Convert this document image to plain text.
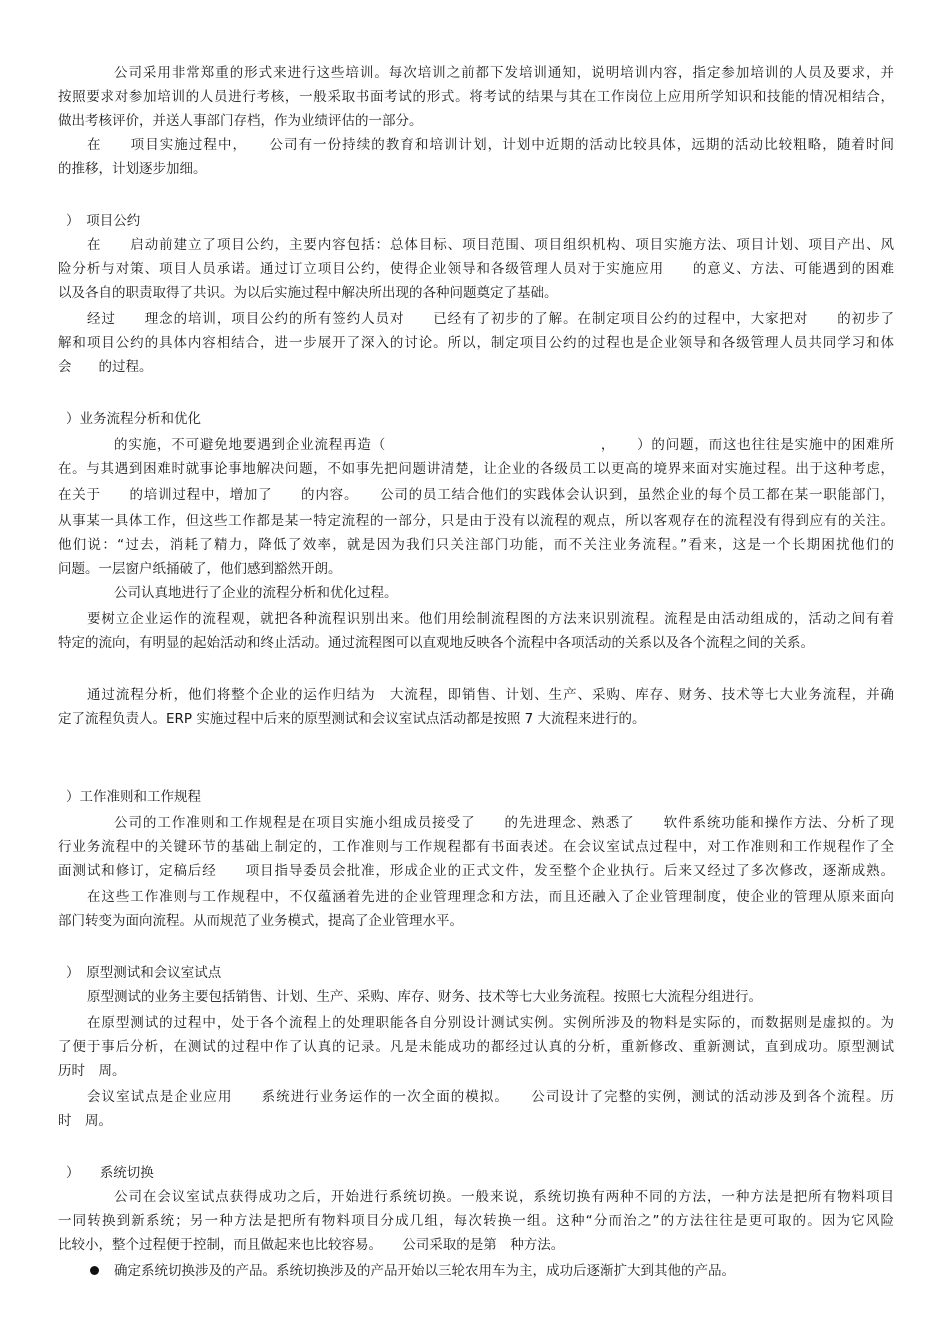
公司采用非常郑重的形式来进行这些培训。每次培训之前都下发培训通知，说明培训内容，指定参加培训的人员及要求，并
按照要求对参加培训的人员进行考核，一般采取书面考试的形式。将考试的结果与其在工作岗位上应用所学知识和技能的情况相结合，
做出考核评价，并送人事部门存档，作为业绩评估的一部分。
在　　项目实施过程中，　　公司有一份持续的教育和培训计划，计划中近期的活动比较具体，远期的活动比较粗略，随着时间
的推移，计划逐步加细。
）　项目公约
在　　启动前建立了项目公约，主要内容包括：总体目标、项目范围、项目组织机构、项目实施方法、项目计划、项目产出、风
险分析与对策、项目人员承诺。通过订立项目公约，使得企业领导和各级管理人员对于实施应用　　的意义、方法、可能遇到的困难
以及各自的职责取得了共识。为以后实施过程中解决所出现的各种问题奠定了基础。
经过　　理念的培训，项目公约的所有签约人员对　　已经有了初步的了解。在制定项目公约的过程中，大家把对　　的初步了
解和项目公约的具体内容相结合，进一步展开了深入的讨论。所以，制定项目公约的过程也是企业领导和各级管理人员共同学习和体
会　　的过程。
）业务流程分析和优化
的实施，不可避免地要遇到企业流程再造（　　　　　　　　　　　　　　　，　　）的问题，而这也往往是实施中的困难所
在。与其遇到困难时就事论事地解决问题，不如事先把问题讲清楚，让企业的各级员工以更高的境界来面对实施过程。出于这种考虑，
在关于　　的培训过程中，增加了　　的内容。　　公司的员工结合他们的实践体会认识到，虽然企业的每个员工都在某一职能部门，
从事某一具体工作，但这些工作都是某一特定流程的一部分，只是由于没有以流程的观点，所以客观存在的流程没有得到应有的关注。
他们说：“过去，消耗了精力，降低了效率，就是因为我们只关注部门功能，而不关注业务流程。”看来，这是一个长期困扰他们的
问题。一层窗户纸捅破了，他们感到豁然开朗。
公司认真地进行了企业的流程分析和优化过程。
要树立企业运作的流程观，就把各种流程识别出来。他们用绘制流程图的方法来识别流程。流程是由活动组成的，活动之间有着
特定的流向，有明显的起始活动和终止活动。通过流程图可以直观地反映各个流程中各项活动的关系以及各个流程之间的关系。
通过流程分析，他们将整个企业的运作归结为　大流程，即销售、计划、生产、采购、库存、财务、技术等七大业务流程，并确
定了流程负责人。ERP 实施过程中后来的原型测试和会议室试点活动都是按照 7 大流程来进行的。
）工作准则和工作规程
公司的工作准则和工作规程是在项目实施小组成员接受了　　的先进理念、熟悉了　　软件系统功能和操作方法、分析了现
行业务流程中的关键环节的基础上制定的，工作准则与工作规程都有书面表述。在会议室试点过程中，对工作准则和工作规程作了全
面测试和修订，定稿后经　　项目指导委员会批准，形成企业的正式文件，发至整个企业执行。后来又经过了多次修改，逐渐成熟。
在这些工作准则与工作规程中，不仅蕴涵着先进的企业管理理念和方法，而且还融入了企业管理制度，使企业的管理从原来面向
部门转变为面向流程。从而规范了业务模式，提高了企业管理水平。
）　原型测试和会议室试点
原型测试的业务主要包括销售、计划、生产、采购、库存、财务、技术等七大业务流程。按照七大流程分组进行。
在原型测试的过程中，处于各个流程上的处理职能各自分别设计测试实例。实例所涉及的物料是实际的，而数据则是虚拟的。为
了便于事后分析，在测试的过程中作了认真的记录。凡是未能成功的都经过认真的分析，重新修改、重新测试，直到成功。原型测试
历时　周。
会议室试点是企业应用　　系统进行业务运作的一次全面的模拟。　　公司设计了完整的实例，测试的活动涉及到各个流程。历
时　周。
）　　系统切换
公司在会议室试点获得成功之后，开始进行系统切换。一般来说，系统切换有两种不同的方法，一种方法是把所有物料项目
一同转换到新系统；另一种方法是把所有物料项目分成几组，每次转换一组。这种“分而治之”的方法往往是更可取的。因为它风险
比较小，整个过程便于控制，而且做起来也比较容易。　　公司采取的是第　种方法。
确定系统切换涉及的产品。系统切换涉及的产品开始以三轮农用车为主，成功后逐渐扩大到其他的产品。
